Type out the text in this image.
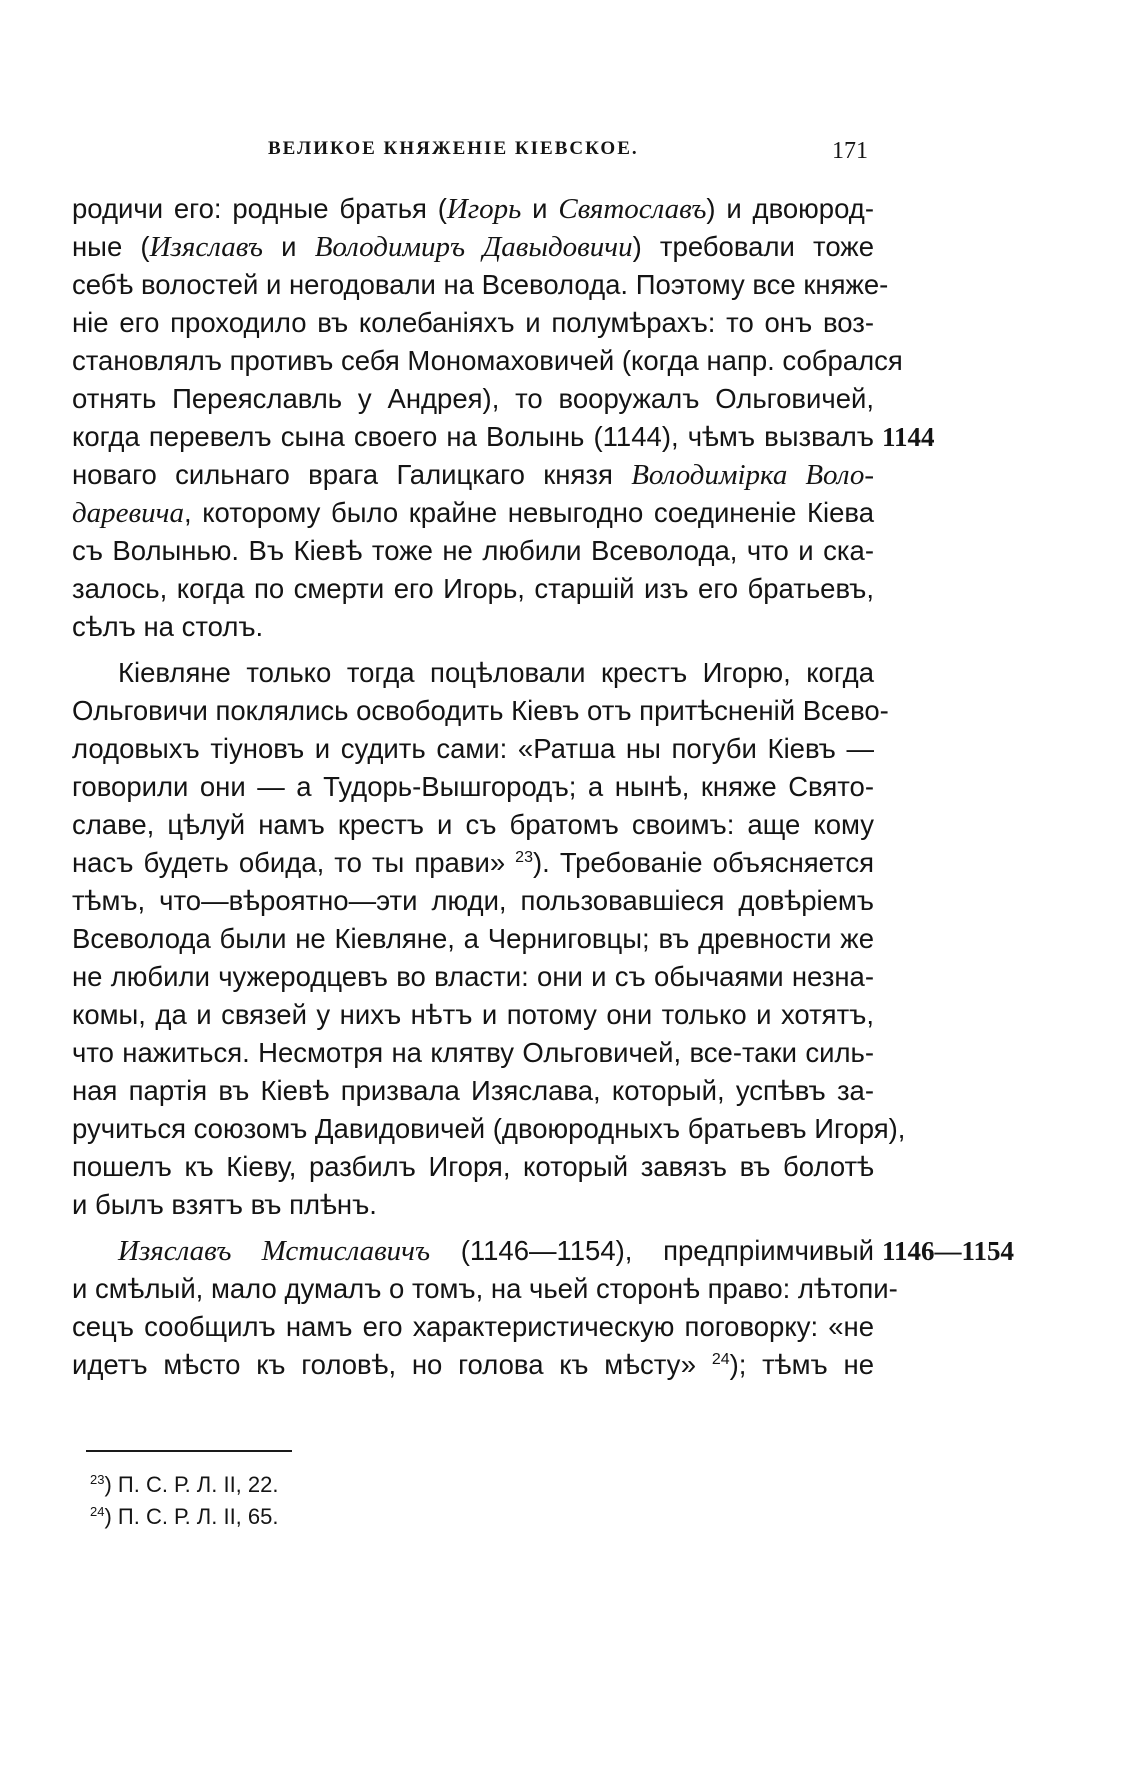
ВЕЛИКОЕ КНЯЖЕНІЕ КІЕВСКОЕ.	171
родичи его: родные братья (Игорь и Святославъ) и двоюрод-
ные (Изяславъ и Володимиръ Давыдовичи) требовали тоже
себѣ волостей и негодовали на Всеволода. Поэтому все княже-
ніе его проходило въ колебаніяхъ и полумѣрахъ: то онъ воз-
становлялъ противъ себя Мономаховичей (когда напр. собрался
отнять Переяславль у Андрея), то вооружалъ Ольговичей,
когда перевелъ сына своего на Волынь (1144), чѣмъ вызвалъ
новаго сильнаго врага Галицкаго князя Володимірка Воло-
даревича, которому было крайне невыгодно соединеніе Кіева
съ Волынью. Въ Кіевѣ тоже не любили Всеволода, что и ска-
залось, когда по смерти его Игорь, старшій изъ его братьевъ,
сѣлъ на столъ.
Кіевляне только тогда поцѣловали крестъ Игорю, когда
Ольговичи поклялись освободить Кіевъ отъ притѣсненій Всево-
лодовыхъ тіуновъ и судить сами: «Ратша ны погуби Кіевъ —
говорили они — а Тудорь-Вышгородъ; а нынѣ, княже Свято-
славе, цѣлуй намъ крестъ и съ братомъ своимъ: аще кому
насъ будеть обида, то ты прави» $^{23}$). Требованіе объясняется
тѣмъ, что—вѣроятно—эти люди, пользовавшіеся довѣріемъ
Всеволода были не Кіевляне, а Черниговцы; въ древности же
не любили чужеродцевъ во власти: они и съ обычаями незна-
комы, да и связей у нихъ нѣтъ и потому они только и хотятъ,
что нажиться. Несмотря на клятву Ольговичей, все-таки силь-
ная партія въ Кіевѣ призвала Изяслава, который, успѣвъ за-
ручиться союзомъ Давидовичей (двоюродныхъ братьевъ Игоря),
пошелъ къ Кіеву, разбилъ Игоря, который завязъ въ болотѣ
и былъ взятъ въ плѣнъ.
Изяславъ Мстиславичъ (1146—1154), предпріимчивый
и смѣлый, мало думалъ о томъ, на чьей сторонѣ право: лѣтопи-
сецъ сообщилъ намъ его характеристическую поговорку: «не
идетъ мѣсто къ головѣ, но голова къ мѣсту» $^{24}$); тѣмъ не
1144
1146—1154
$^{23}$) П. С. Р. Л. II, 22.
$^{24}$) П. С. Р. Л. II, 65.
